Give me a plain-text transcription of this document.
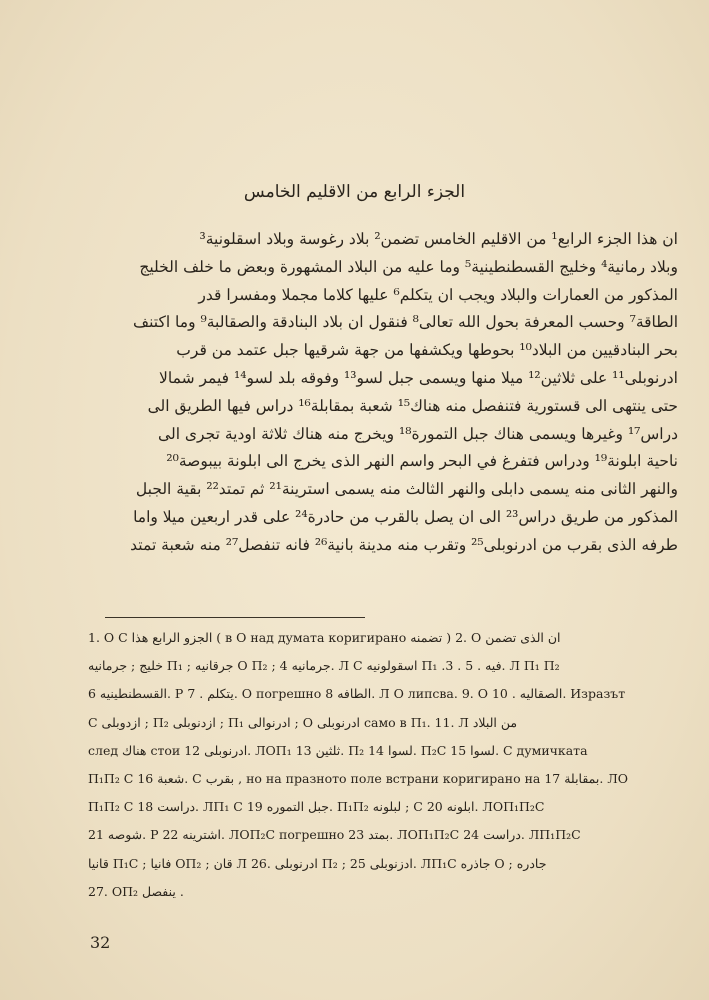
الجزء الرابع من الاقليم الخامس
ان هذا الجزء الرابع¹ من الاقليم الخامس تضمن² بلاد رغوسة وبلاد اسقلونية³
وبلاد رمانية⁴ وخليج القسطنطينية⁵ وما عليه من البلاد المشهورة وبعض ما خلف الخليج
المذكور من العمارات والبلاد ويجب ان يتكلم⁶ عليها كلاما مجملا ومفسرا قدر
الطاقة⁷ وحسب المعرفة بحول الله تعالى⁸ فنقول ان بلاد البنادقة والصقالبة⁹ وما اكتنف
بحر البنادقيين من البلاد¹⁰ بحوطها ويكشفها من جهة شرقيها جبل عتمد من قرب
ادرنوبلى¹¹ على ثلاثين¹² ميلا منها ويسمى جبل لسو¹³ وفوقه بلد لسو¹⁴ فيمر شمالا
حتى ينتهى الى قستورية فتنفصل منه هناك¹⁵ شعبة بمقابلة¹⁶ دراس فيها الطريق الى
دراس¹⁷ وغيرها ويسمى هناك جبل التمورة¹⁸ ويخرج منه هناك ثلاثة اودية تجرى الى
ناحية ابلونة¹⁹ ودراس فتفرغ في البحر واسم النهر الذى يخرج الى ابلونة بيبوصة²⁰
والنهر الثانى منه يسمى دابلى والنهر الثالث منه يسمى استرينة²¹ ثم تمتد²² بقية الجبل
المذكور من طريق دراس²³ الى ان يصل بالقرب من حادرة²⁴ على قدر اربعين ميلا واما
طرفه الذى بقرب من ادرنوبلى²⁵ وتقرب منه مدينة بانية²⁶ فانه تنفصل²⁷ منه شعبة تمتد
1. O C الجزو الرابع هذا ( в O над думата коригирано تضمنه ) 2. O ان الذى تضمن
خليج ; جرمانيه Π₁ ; جرقانيه O Π₂ ; جرمانيه 4. Л C اسقولونيه Π₁ .3 . فيه . 5. Л Π₁ Π₂
القسطنطينيه 6. P يتكلم . 7. O погрешно الطافه 8. Л O липсва. 9. O الصقاليه . 10. Изразът
C ازدوبلى ; Π₂ ازدنوبلى ; Π₁ ادرنوالى ; O ادرنوبلى само в Π₁. 11. Л من البلاد
след هناك стои ادرنوبلى 12. ЛОΠ₁ ثلثين 13. Π₂ لسوا 14. Π₂C لسوا 15. С думичката
Π₁Π₂ C شعبة 16. С بقرب , но на празното поле встрани коригирано на بمقابلة 17. ЛО
Π₁Π₂ C دراست 18. ЛΠ₁ C جبل التموره 19. Π₁Π₂ لبلونه ; C ابلونه 20. ЛОΠ₁Π₂C
شوصه 21. P اشترينه 22. ЛОΠ₂C погрешно بمتد 23. ЛОΠ₁Π₂C دراست 24. ЛΠ₁Π₂C
قانيا Π₁C ; فانيا OΠ₂ ; قان Л 26. ادرنوبلى Π₂ ; ادزنوبلى 25. ЛΠ₁C جاذره O ; جادره
27. OΠ₂ ينفصل .
32
